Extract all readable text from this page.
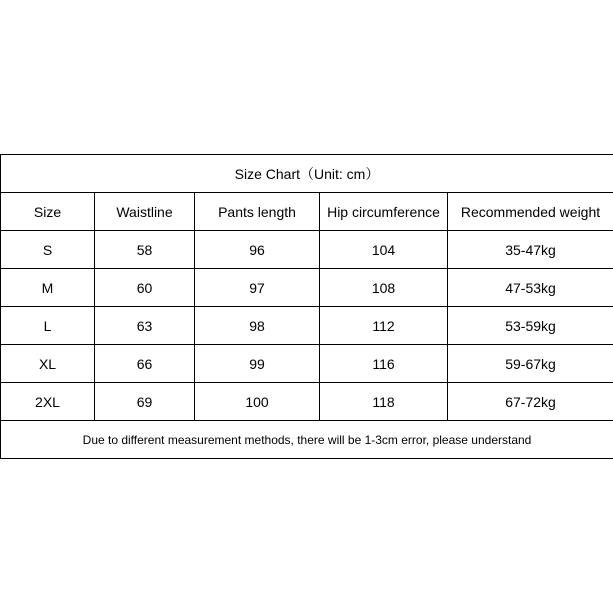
Size Chart（Unit: cm）				
Size	Waistline	Pants length	Hip circumference	Recommended weight
S	58	96	104	35-47kg
M	60	97	108	47-53kg
L	63	98	112	53-59kg
XL	66	99	116	59-67kg
2XL	69	100	118	67-72kg
Due to different measurement methods, there will be 1-3cm error, please understand				
